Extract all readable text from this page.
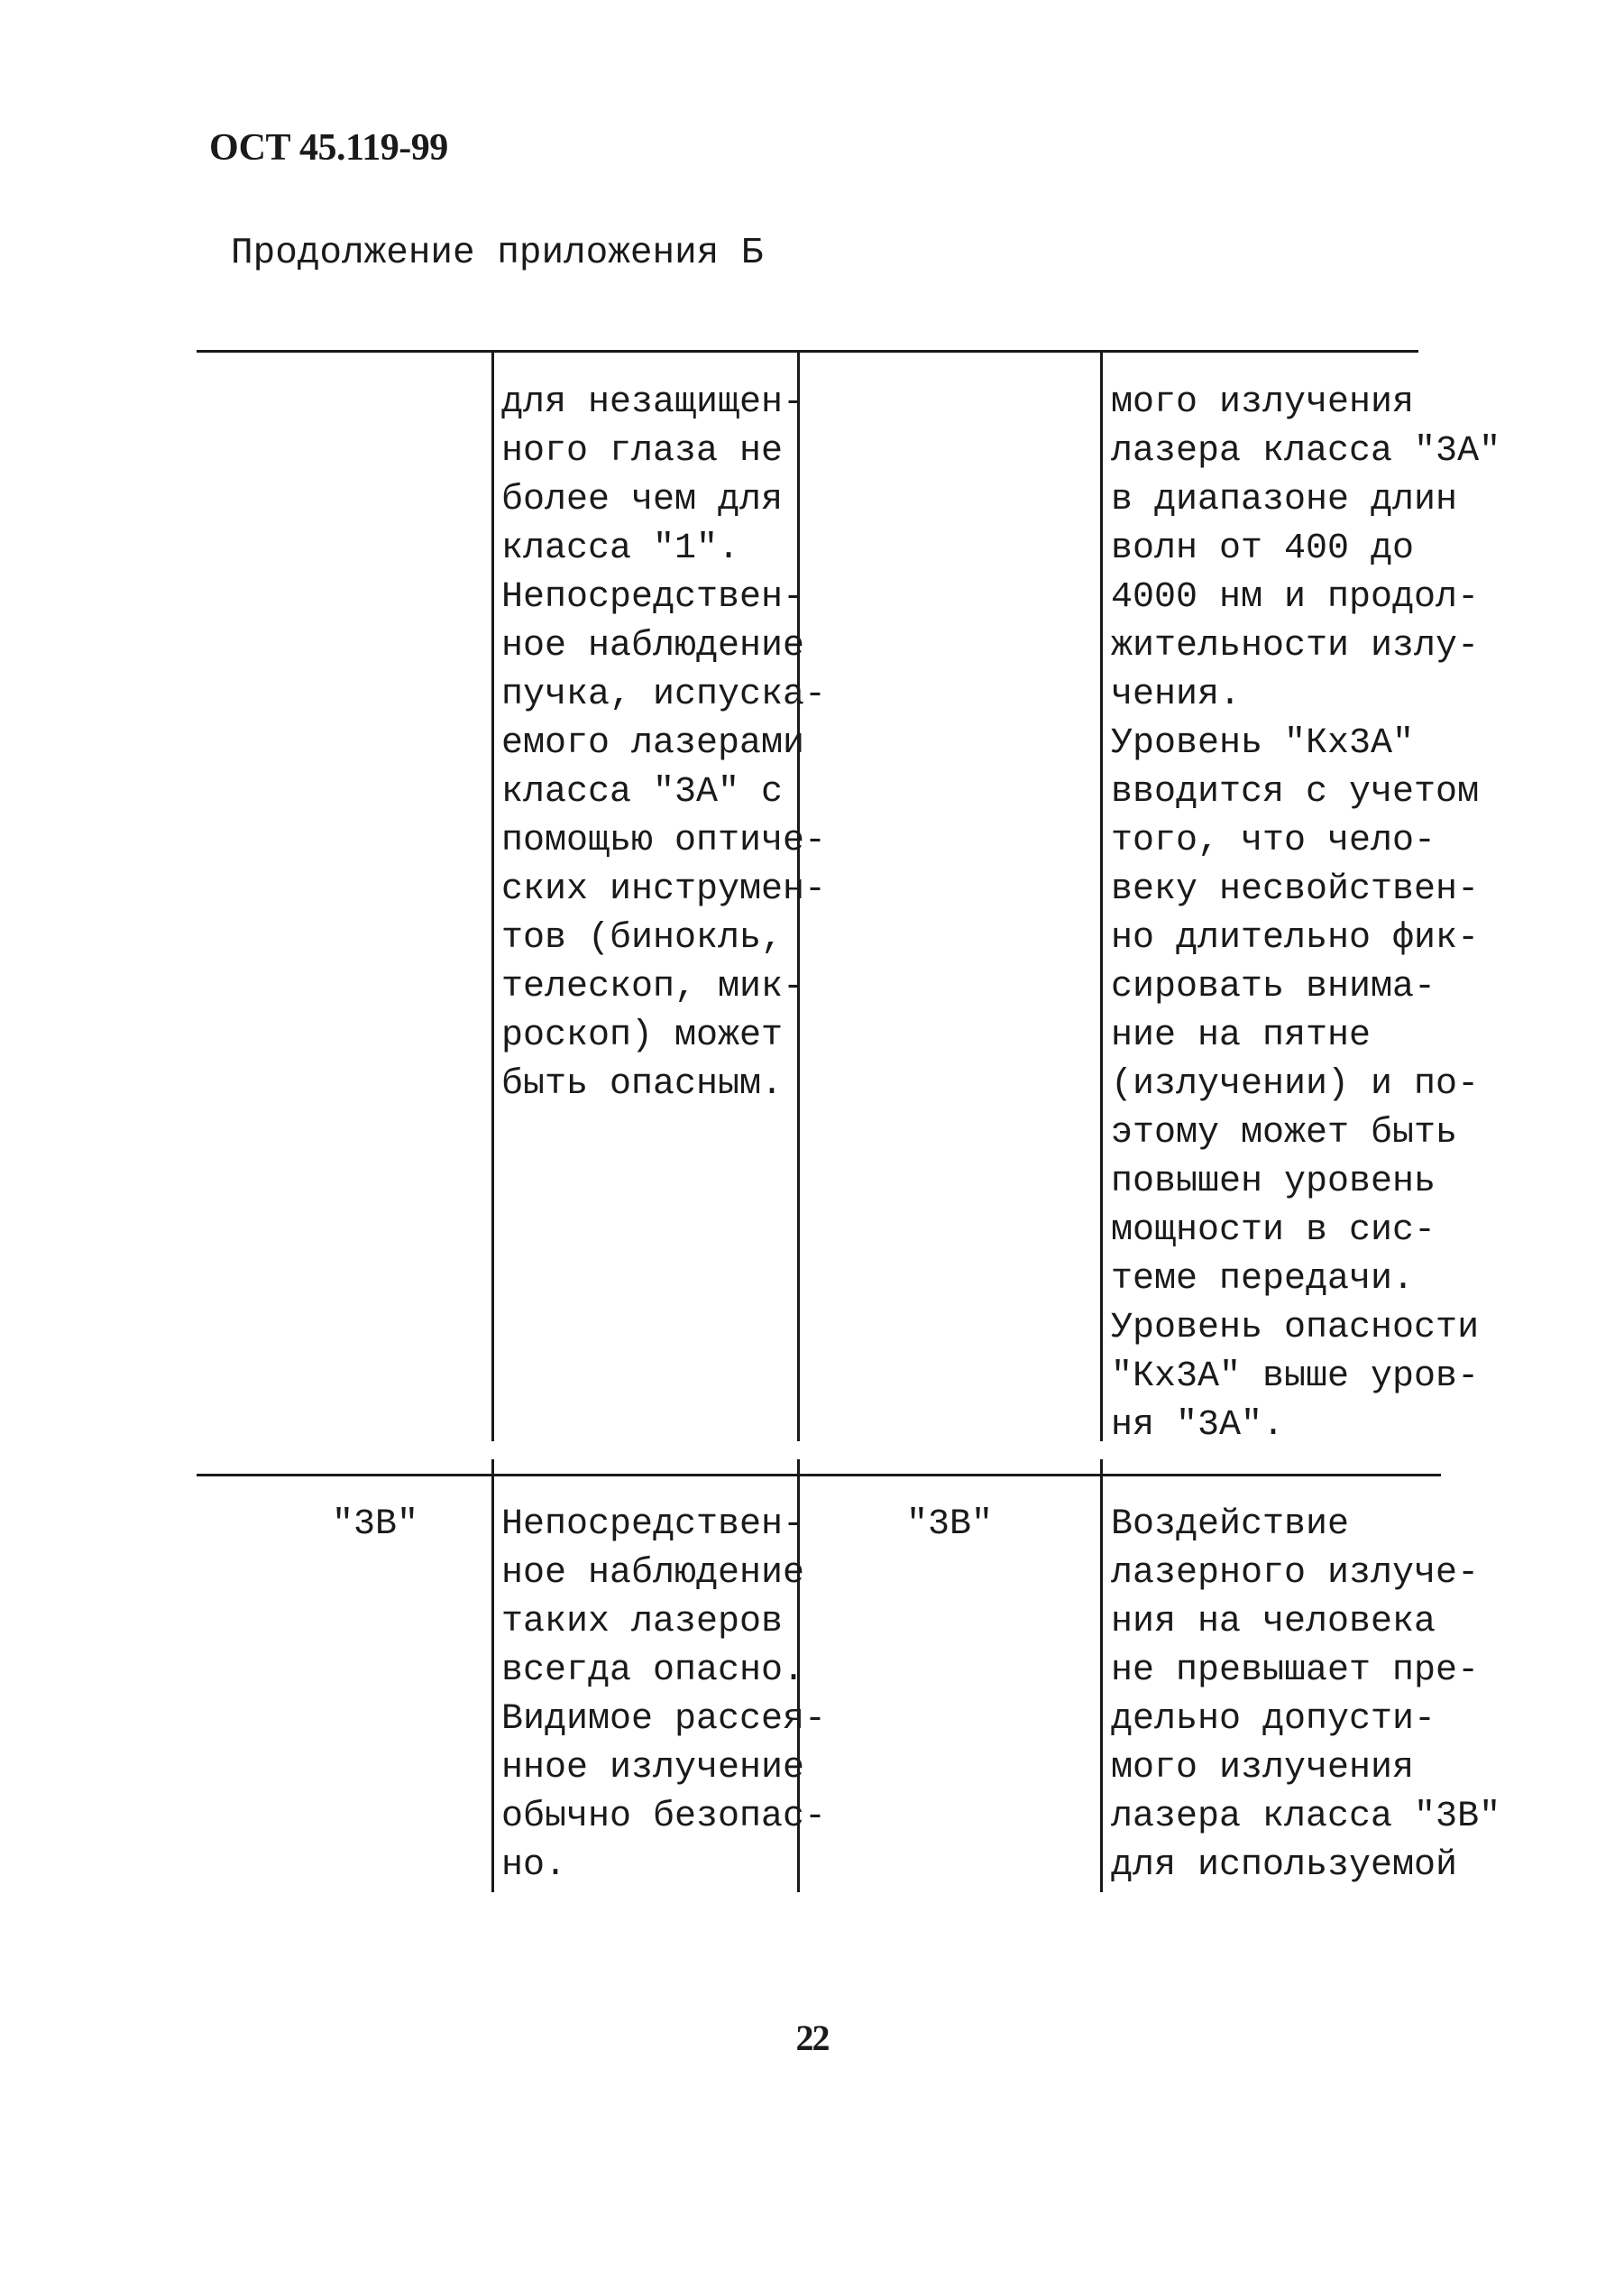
ОСТ 45.119-99
Продолжение приложения Б
для незащищен-
ного глаза не
более чем для
класса "1".
Непосредствен-
ное наблюдение
пучка, испуска-
емого лазерами
класса "3А" с
помощью оптиче-
ских инструмен-
тов (бинокль,
телескоп, мик-
роскоп) может
быть опасным.
мого излучения
лазера класса "3А"
в диапазоне длин
волн от 400 до
4000 нм и продол-
жительности излу-
чения.
Уровень "Кх3А"
вводится с учетом
того, что чело-
веку несвойствен-
но длительно фик-
сировать внима-
ние на пятне
(излучении) и по-
этому может быть
повышен уровень
мощности в сис-
теме передачи.
Уровень опасности
"Кх3А" выше уров-
ня "3А".
"3В"	"3В"
Непосредствен-
ное наблюдение
таких лазеров
всегда опасно.
Видимое рассея-
нное излучение
обычно безопас-
но.
Воздействие
лазерного излуче-
ния на человека
не превышает пре-
дельно допусти-
мого излучения
лазера класса "3В"
для используемой
22
